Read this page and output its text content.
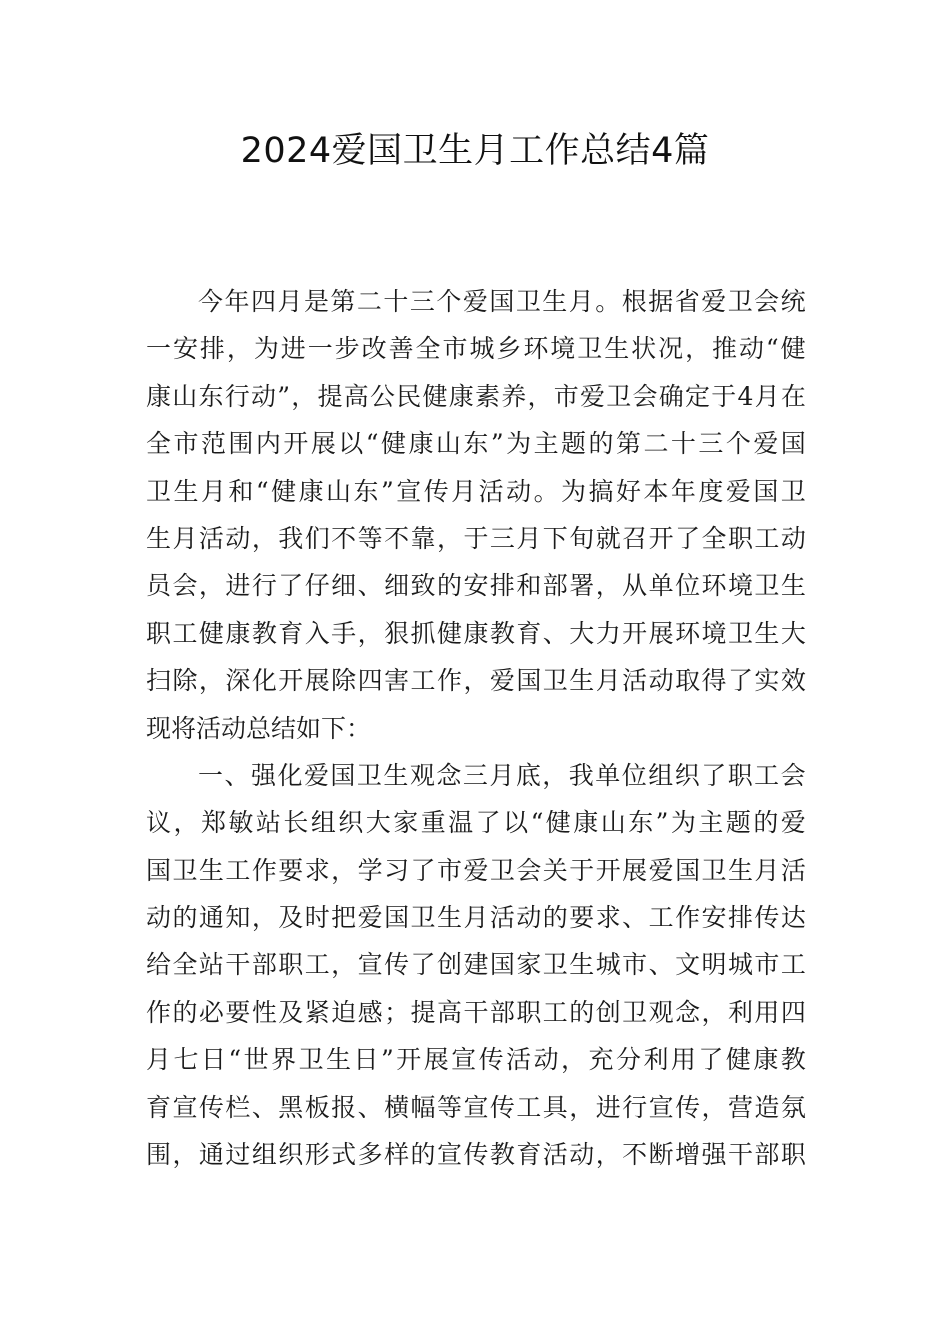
2024爱国卫生月工作总结4篇
今 年 四 月 是 第 二 十 三 个 爱 国 卫 生 月 。 根 据 省 爱 卫 会 统
一 安 排 ， 为 进 一 步 改 善 全 市 城 乡 环 境 卫 生 状 况 ， 推 动 “ 健
康 山 东 行 动 ” ， 提 高 公 民 健 康 素 养 ， 市 爱 卫 会 确 定 于 4 月 在
全 市 范 围 内 开 展 以 “ 健 康 山 东 ” 为 主 题 的 第 二 十 三 个 爱 国
卫 生 月 和 “ 健 康 山 东 ” 宣 传 月 活 动 。 为 搞 好 本 年 度 爱 国 卫
生 月 活 动 ， 我 们 不 等 不 靠 ， 于 三 月 下 旬 就 召 开 了 全 职 工 动
员 会 ， 进 行 了 仔 细 、 细 致 的 安 排 和 部 署 ， 从 单 位 环 境 卫 生
职 工 健 康 教 育 入 手 ， 狠 抓 健 康 教 育 、 大 力 开 展 环 境 卫 生 大
扫 除 ， 深 化 开 展 除 四 害 工 作 ， 爱 国 卫 生 月 活 动 取 得 了 实 效
现将活动总结如下：
一 、 强 化 爱 国 卫 生 观 念 三 月 底 ， 我 单 位 组 织 了 职 工 会
议 ， 郑 敏 站 长 组 织 大 家 重 温 了 以 “ 健 康 山 东 ” 为 主 题 的 爱
国 卫 生 工 作 要 求 ， 学 习 了 市 爱 卫 会 关 于 开 展 爱 国 卫 生 月 活
动 的 通 知 ， 及 时 把 爱 国 卫 生 月 活 动 的 要 求 、 工 作 安 排 传 达
给 全 站 干 部 职 工 ， 宣 传 了 创 建 国 家 卫 生 城 市 、 文 明 城 市 工
作 的 必 要 性 及 紧 迫 感 ； 提 高 干 部 职 工 的 创 卫 观 念 ， 利 用 四
月 七 日 “ 世 界 卫 生 日 ” 开 展 宣 传 活 动 ， 充 分 利 用 了 健 康 教
育 宣 传 栏 、 黑 板 报 、 横 幅 等 宣 传 工 具 ， 进 行 宣 传 ， 营 造 氛
围 ， 通 过 组 织 形 式 多 样 的 宣 传 教 育 活 动 ， 不 断 增 强 干 部 职
